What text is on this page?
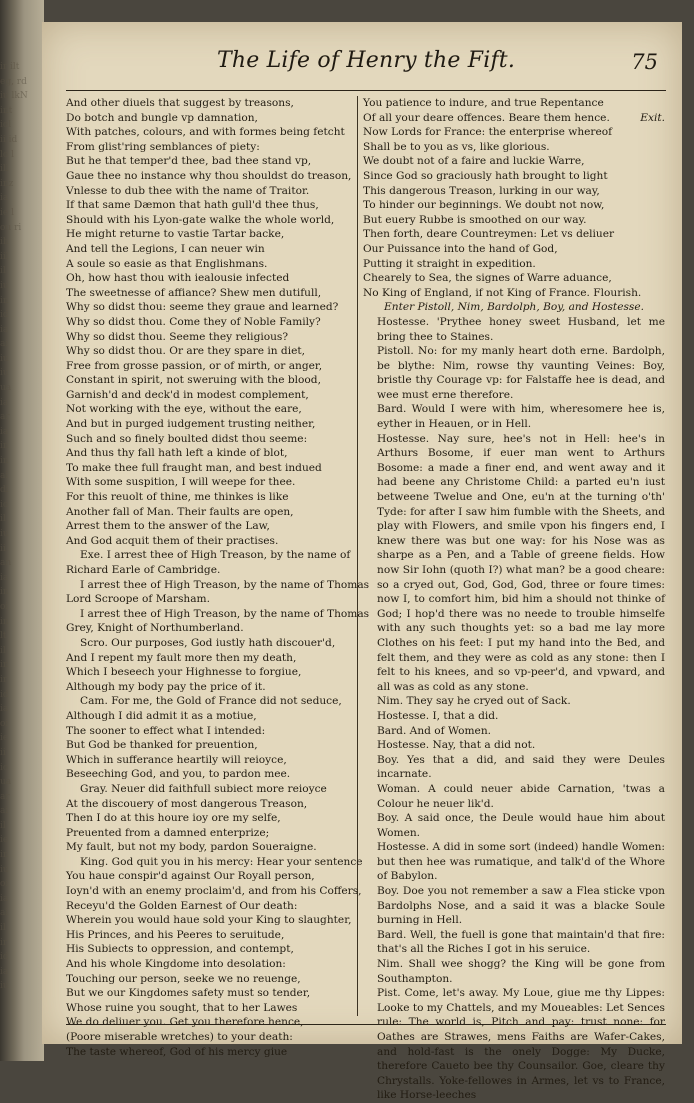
ir ilt
eg, rd
iu lkN
int
iol
ii id
lo l
ill
inz
ia
ie l
ou ri
ih
iil
il
iu
in
id
ia
ai
iu
iu
ua
ia
ar
ia
in
in
ai
di
io
il
iu
ii
an
ia
in
oi
in
lt
il
in
ir
id
ia
oi
ie
ii
io
ua
ar
ai
il
ie
in
iu
oi
ia
ai
il
ir
id
ia
iu
The Life of Henry the Fift.	75
And other diuels that suggest by treasons,
Do botch and bungle vp damnation,
With patches, colours, and with formes being fetcht
From glist'ring semblances of piety:
But he that temper'd thee, bad thee stand vp,
Gaue thee no instance why thou shouldst do treason,
Vnlesse to dub thee with the name of Traitor.
If that same Dæmon that hath gull'd thee thus,
Should with his Lyon-gate walke the whole world,
He might returne to vastie Tartar backe,
And tell the Legions, I can neuer win
A soule so easie as that Englishmans.
Oh, how hast thou with iealousie infected
The sweetnesse of affiance? Shew men dutifull,
Why so didst thou: seeme they graue and learned?
Why so didst thou. Come they of Noble Family?
Why so didst thou. Seeme they religious?
Why so didst thou. Or are they spare in diet,
Free from grosse passion, or of mirth, or anger,
Constant in spirit, not sweruing with the blood,
Garnish'd and deck'd in modest complement,
Not working with the eye, without the eare,
And but in purged iudgement trusting neither,
Such and so finely boulted didst thou seeme:
And thus thy fall hath left a kinde of blot,
To make thee full fraught man, and best indued
With some suspition, I will weepe for thee.
For this reuolt of thine, me thinkes is like
Another fall of Man. Their faults are open,
Arrest them to the answer of the Law,
And God acquit them of their practises.
Exe. I arrest thee of High Treason, by the name of
Richard Earle of Cambridge.
I arrest thee of High Treason, by the name of Thomas
Lord Scroope of Marsham.
I arrest thee of High Treason, by the name of Thomas
Grey, Knight of Northumberland.
Scro. Our purposes, God iustly hath discouer'd,
And I repent my fault more then my death,
Which I beseech your Highnesse to forgiue,
Although my body pay the price of it.
Cam. For me, the Gold of France did not seduce,
Although I did admit it as a motiue,
The sooner to effect what I intended:
But God be thanked for preuention,
Which in sufferance heartily will reioyce,
Beseeching God, and you, to pardon mee.
Gray. Neuer did faithfull subiect more reioyce
At the discouery of most dangerous Treason,
Then I do at this houre ioy ore my selfe,
Preuented from a damned enterprize;
My fault, but not my body, pardon Soueraigne.
King. God quit you in his mercy: Hear your sentence
You haue conspir'd against Our Royall person,
Ioyn'd with an enemy proclaim'd, and from his Coffers,
Receyu'd the Golden Earnest of Our death:
Wherein you would haue sold your King to slaughter,
His Princes, and his Peeres to seruitude,
His Subiects to oppression, and contempt,
And his whole Kingdome into desolation:
Touching our person, seeke we no reuenge,
But we our Kingdomes safety must so tender,
Whose ruine you sought, that to her Lawes
We do deliuer you. Get you therefore hence,
(Poore miserable wretches) to your death:
The taste whereof, God of his mercy giue
You patience to indure, and true Repentance
Of all your deare offences. Beare them hence.	Exit.
Now Lords for France: the enterprise whereof
Shall be to you as vs, like glorious.
We doubt not of a faire and luckie Warre,
Since God so graciously hath brought to light
This dangerous Treason, lurking in our way,
To hinder our beginnings. We doubt not now,
But euery Rubbe is smoothed on our way.
Then forth, deare Countreymen: Let vs deliuer
Our Puissance into the hand of God,
Putting it straight in expedition.
Chearely to Sea, the signes of Warre aduance,
No King of England, if not King of France. Flourish.
Enter Pistoll, Nim, Bardolph, Boy, and Hostesse.
Hostesse. 'Prythee honey sweet Husband, let me bring thee to Staines.
Pistoll. No: for my manly heart doth erne. Bardolph, be blythe: Nim, rowse thy vaunting Veines: Boy, bristle thy Courage vp: for Falstaffe hee is dead, and wee must erne therefore.
Bard. Would I were with him, wheresomere hee is, eyther in Heauen, or in Hell.
Hostesse. Nay sure, hee's not in Hell: hee's in Arthurs Bosome, if euer man went to Arthurs Bosome: a made a finer end, and went away and it had beene any Christome Child: a parted eu'n iust betweene Twelue and One, eu'n at the turning o'th' Tyde: for after I saw him fumble with the Sheets, and play with Flowers, and smile vpon his fingers end, I knew there was but one way: for his Nose was as sharpe as a Pen, and a Table of greene fields. How now Sir Iohn (quoth I?) what man? be a good cheare: so a cryed out, God, God, God, three or foure times: now I, to comfort him, bid him a should not thinke of God; I hop'd there was no neede to trouble himselfe with any such thoughts yet: so a bad me lay more Clothes on his feet: I put my hand into the Bed, and felt them, and they were as cold as any stone: then I felt to his knees, and so vp-peer'd, and vpward, and all was as cold as any stone.
Nim. They say he cryed out of Sack.
Hostesse. I, that a did.
Bard. And of Women.
Hostesse. Nay, that a did not.
Boy. Yes that a did, and said they were Deules incarnate.
Woman. A could neuer abide Carnation, 'twas a Colour he neuer lik'd.
Boy. A said once, the Deule would haue him about Women.
Hostesse. A did in some sort (indeed) handle Women: but then hee was rumatique, and talk'd of the Whore of Babylon.
Boy. Doe you not remember a saw a Flea sticke vpon Bardolphs Nose, and a said it was a blacke Soule burning in Hell.
Bard. Well, the fuell is gone that maintain'd that fire: that's all the Riches I got in his seruice.
Nim. Shall wee shogg? the King will be gone from Southampton.
Pist. Come, let's away. My Loue, giue me thy Lippes: Looke to my Chattels, and my Moueables: Let Sences rule: The world is, Pitch and pay: trust none: for Oathes are Strawes, mens Faiths are Wafer-Cakes, and hold-fast is the onely Dogge: My Ducke, therefore Caueto bee thy Counsailor. Goe, cleare thy Chrystalls. Yoke-fellowes in Armes, let vs to France, like Horse-leeches
